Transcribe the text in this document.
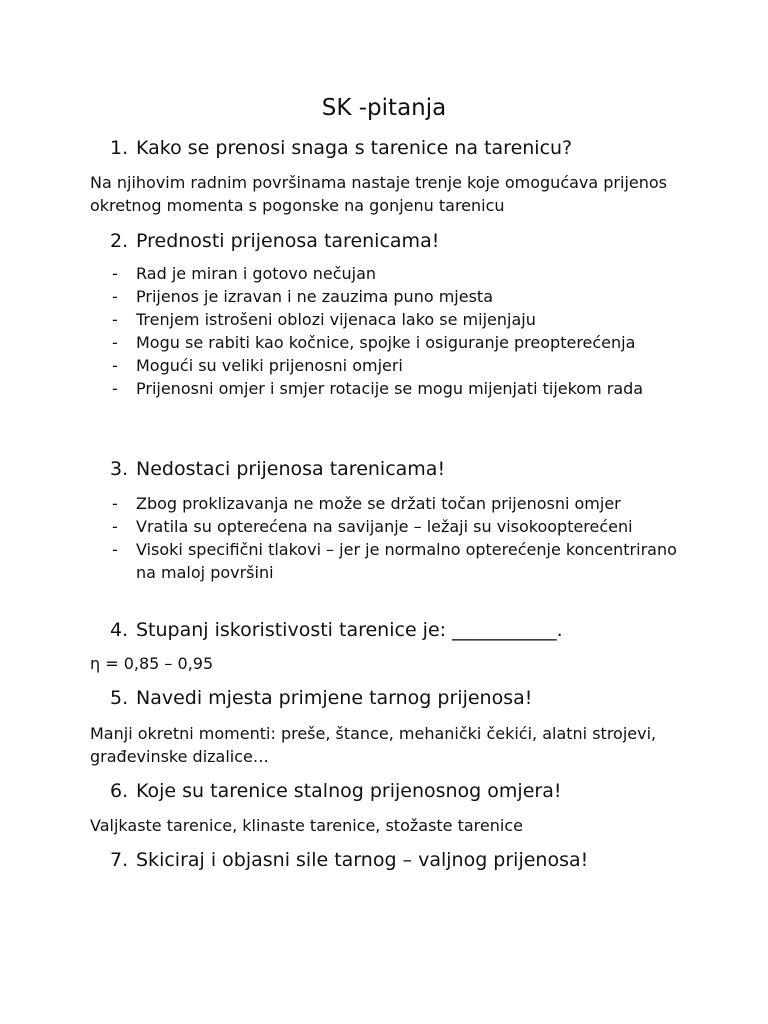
SK -pitanja
1. Kako se prenosi snaga s tarenice na tarenicu?

Na njihovim radnim površinama nastaje trenje koje omogućava prijenos okretnog momenta s pogonske na gonjenu tarenicu

2. Prednosti prijenosa tarenicama!
- Rad je miran i gotovo nečujan
- Prijenos je izravan i ne zauzima puno mjesta
- Trenjem istrošeni oblozi vijenaca lako se mijenjaju
- Mogu se rabiti kao kočnice, spojke i osiguranje preopterećenja
- Mogući su veliki prijenosni omjeri
- Prijenosni omjer i smjer rotacije se mogu mijenjati tijekom rada
3. Nedostaci prijenosa tarenicama!
- Zbog proklizavanja ne može se držati točan prijenosni omjer
- Vratila su opterećena na savijanje – ležaji su visokoopterećeni
- Visoki specifični tlakovi – jer je normalno opterećenje koncentrirano na maloj površini
4. Stupanj iskoristivosti tarenice je: ___________.

η = 0,85 – 0,95

5. Navedi mjesta primjene tarnog prijenosa!

Manji okretni momenti: preše, štance, mehanički čekići, alatni strojevi, građevinske dizalice…

6. Koje su tarenice stalnog prijenosnog omjera!

Valjkaste tarenice, klinaste tarenice, stožaste tarenice

7. Skiciraj i objasni sile tarnog – valjnog prijenosa!
